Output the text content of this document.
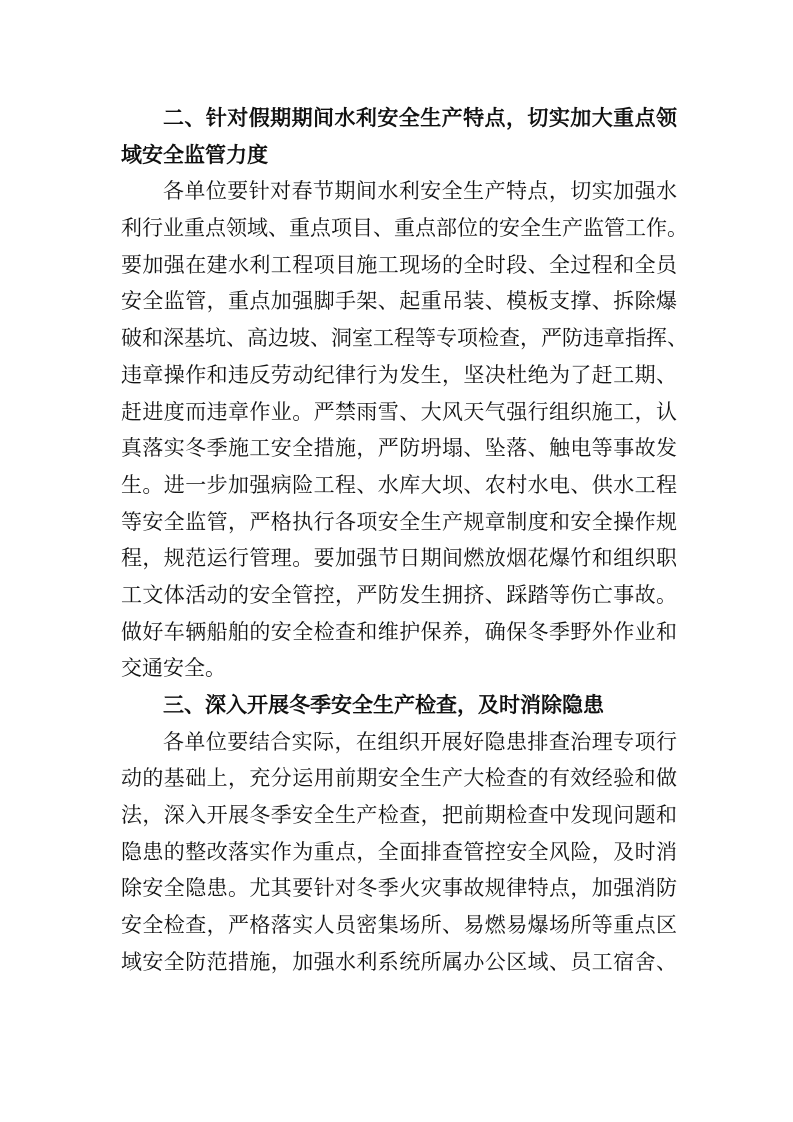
二、针对假期期间水利安全生产特点，切实加大重点领
域安全监管力度
各单位要针对春节期间水利安全生产特点，切实加强水
利行业重点领域、重点项目、重点部位的安全生产监管工作。
要加强在建水利工程项目施工现场的全时段、全过程和全员
安全监管，重点加强脚手架、起重吊装、模板支撑、拆除爆
破和深基坑、高边坡、洞室工程等专项检查，严防违章指挥、
违章操作和违反劳动纪律行为发生，坚决杜绝为了赶工期、
赶进度而违章作业。严禁雨雪、大风天气强行组织施工，认
真落实冬季施工安全措施，严防坍塌、坠落、触电等事故发
生。进一步加强病险工程、水库大坝、农村水电、供水工程
等安全监管，严格执行各项安全生产规章制度和安全操作规
程，规范运行管理。要加强节日期间燃放烟花爆竹和组织职
工文体活动的安全管控，严防发生拥挤、踩踏等伤亡事故。
做好车辆船舶的安全检查和维护保养，确保冬季野外作业和
交通安全。
三、深入开展冬季安全生产检查，及时消除隐患
各单位要结合实际，在组织开展好隐患排查治理专项行
动的基础上，充分运用前期安全生产大检查的有效经验和做
法，深入开展冬季安全生产检查，把前期检查中发现问题和
隐患的整改落实作为重点，全面排查管控安全风险，及时消
除安全隐患。尤其要针对冬季火灾事故规律特点，加强消防
安全检查，严格落实人员密集场所、易燃易爆场所等重点区
域安全防范措施，加强水利系统所属办公区域、员工宿舍、
